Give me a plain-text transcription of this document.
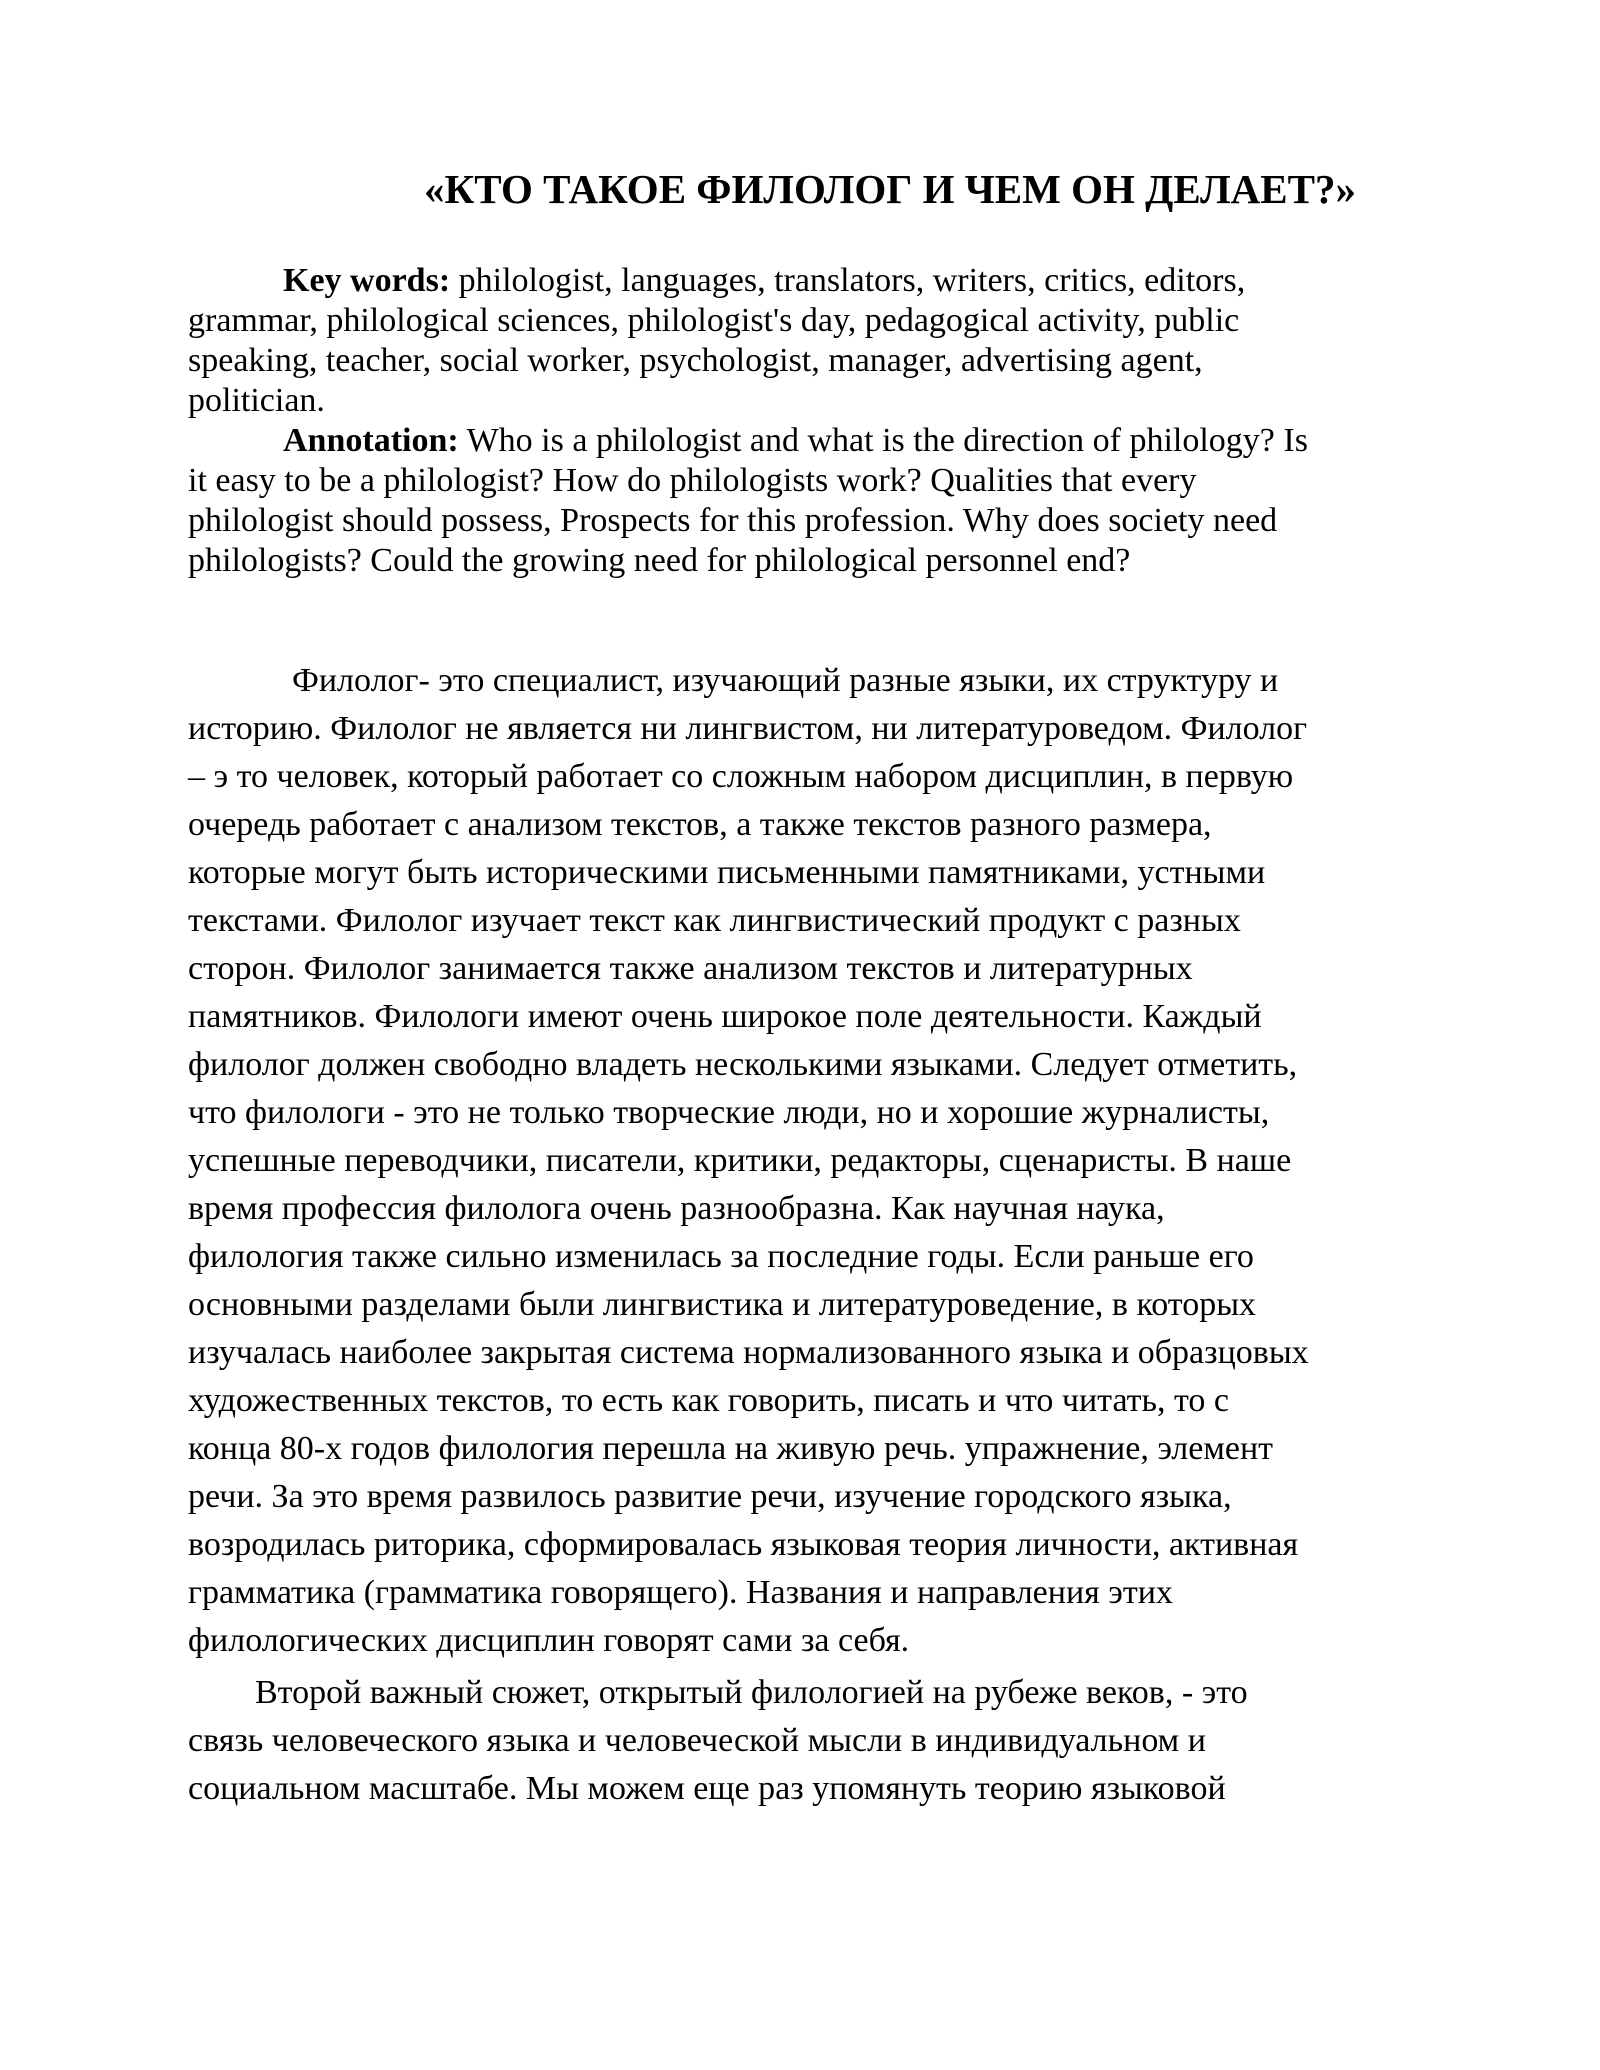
«КТО ТАКОЕ ФИЛОЛОГ И ЧЕМ ОН ДЕЛАЕТ?»
Key words: philologist, languages, translators, writers, critics, editors,
grammar, philological sciences, philologist's day, pedagogical activity, public
speaking, teacher, social worker, psychologist, manager, advertising agent,
politician.
Annotation: Who is a philologist and what is the direction of philology? Is
it easy to be a philologist? How do philologists work? Qualities that every
philologist should possess, Prospects for this profession. Why does society need
philologists? Could the growing need for philological personnel end?
Филолог- это специалист, изучающий разные языки, их структуру и
историю. Филолог не является ни лингвистом, ни литературоведом. Филолог
– э то человек, который работает со сложным набором дисциплин, в первую
очередь работает с анализом текстов, а также текстов разного размера,
которые могут быть историческими письменными памятниками, устными
текстами. Филолог изучает текст как лингвистический продукт с разных
сторон. Филолог занимается также анализом текстов и литературных
памятников. Филологи имеют очень широкое поле деятельности. Каждый
филолог должен свободно владеть несколькими языками. Следует отметить,
что филологи - это не только творческие люди, но и хорошие журналисты,
успешные переводчики, писатели, критики, редакторы, сценаристы. В наше
время профессия филолога очень разнообразна. Как научная наука,
филология также сильно изменилась за последние годы. Если раньше его
основными разделами были лингвистика и литературоведение, в которых
изучалась наиболее закрытая система нормализованного языка и образцовых
художественных текстов, то есть как говорить, писать и что читать, то с
конца 80-х годов филология перешла на живую речь. упражнение, элемент
речи. За это время развилось развитие речи, изучение городского языка,
возродилась риторика, сформировалась языковая теория личности, активная
грамматика (грамматика говорящего). Названия и направления этих
филологических дисциплин говорят сами за себя.
Второй важный сюжет, открытый филологией на рубеже веков, - это
связь человеческого языка и человеческой мысли в индивидуальном и
социальном масштабе. Мы можем еще раз упомянуть теорию языковой
